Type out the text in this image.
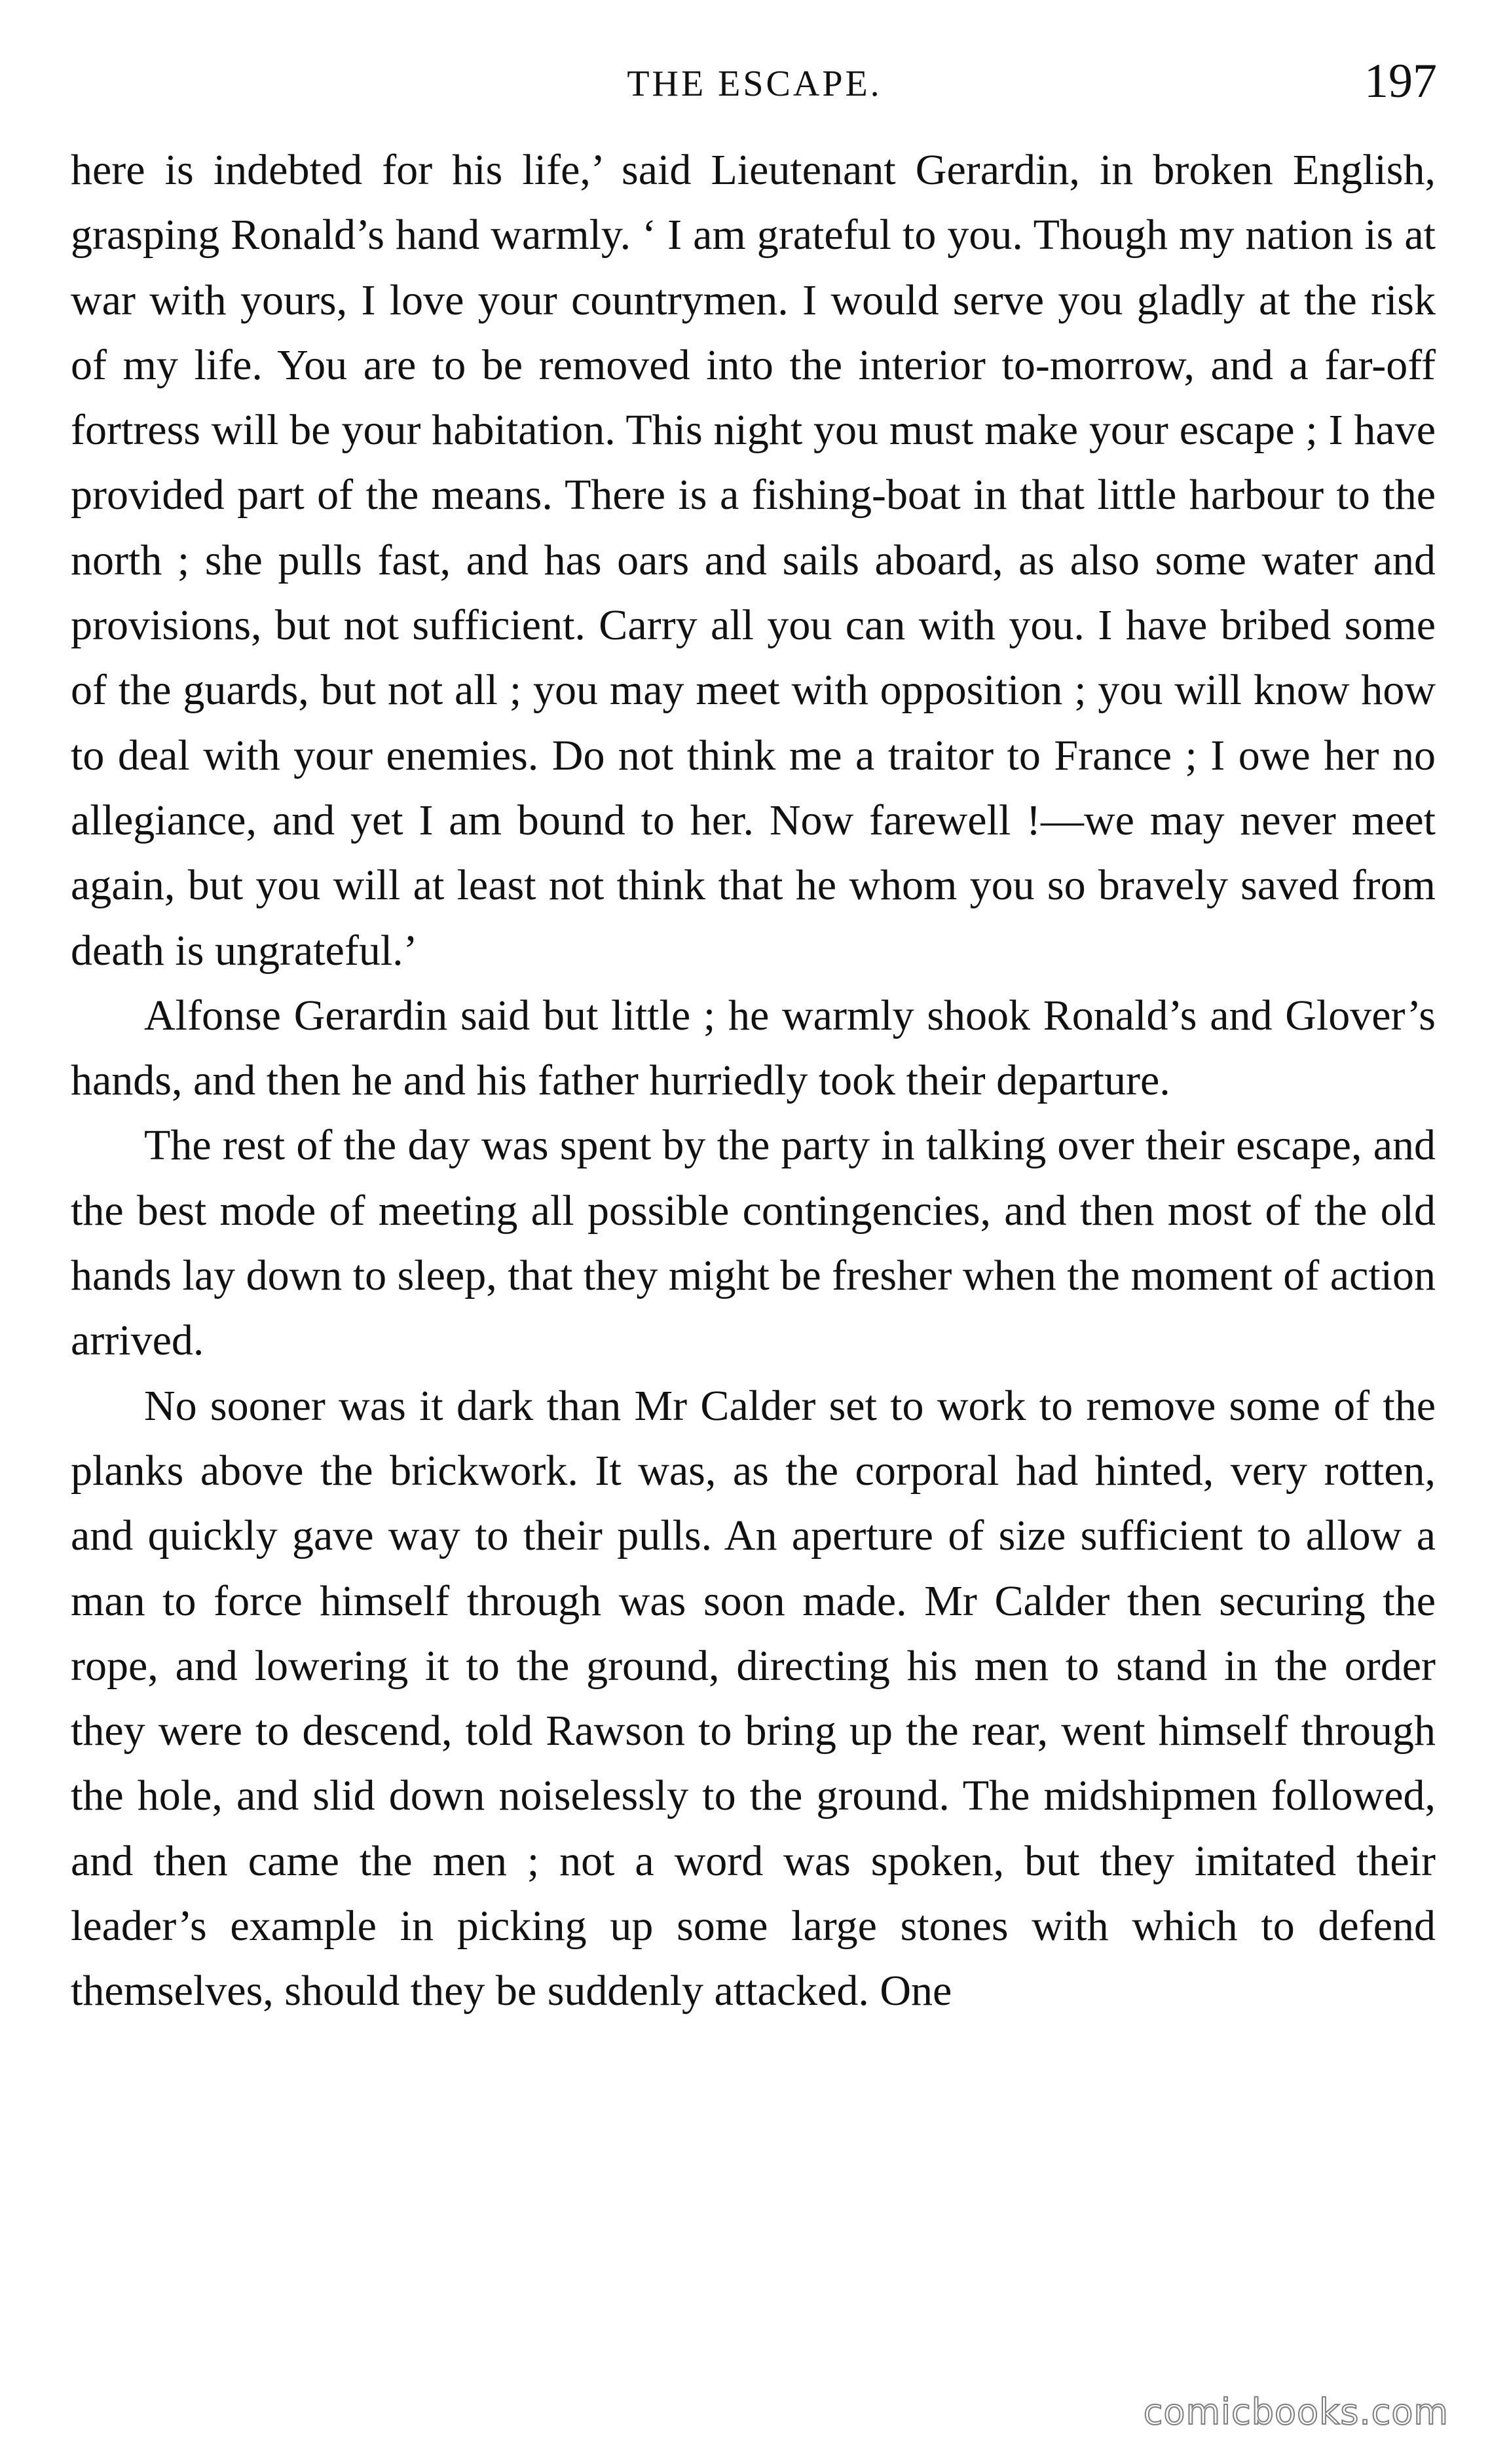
THE ESCAPE.	197

here is indebted for his life,’ said Lieutenant Gerardin, in broken English, grasping Ronald’s hand warmly. ‘ I am grateful to you. Though my nation is at war with yours, I love your countrymen. I would serve you gladly at the risk of my life. You are to be removed into the interior to-morrow, and a far-off fortress will be your habitation. This night you must make your escape ; I have provided part of the means. There is a fishing-boat in that little harbour to the north ; she pulls fast, and has oars and sails aboard, as also some water and provisions, but not sufficient. Carry all you can with you. I have bribed some of the guards, but not all ; you may meet with opposition ; you will know how to deal with your enemies. Do not think me a traitor to France ; I owe her no allegiance, and yet I am bound to her. Now farewell !—we may never meet again, but you will at least not think that he whom you so bravely saved from death is ungrateful.’

Alfonse Gerardin said but little ; he warmly shook Ronald’s and Glover’s hands, and then he and his father hurriedly took their departure.

The rest of the day was spent by the party in talking over their escape, and the best mode of meeting all possible contingencies, and then most of the old hands lay down to sleep, that they might be fresher when the moment of action arrived.

No sooner was it dark than Mr Calder set to work to remove some of the planks above the brickwork. It was, as the corporal had hinted, very rotten, and quickly gave way to their pulls. An aperture of size sufficient to allow a man to force himself through was soon made. Mr Calder then securing the rope, and lowering it to the ground, directing his men to stand in the order they were to descend, told Rawson to bring up the rear, went himself through the hole, and slid down noiselessly to the ground. The midshipmen followed, and then came the men ; not a word was spoken, but they imitated their leader’s example in picking up some large stones with which to defend themselves, should they be suddenly attacked. One

comicbooks.com
